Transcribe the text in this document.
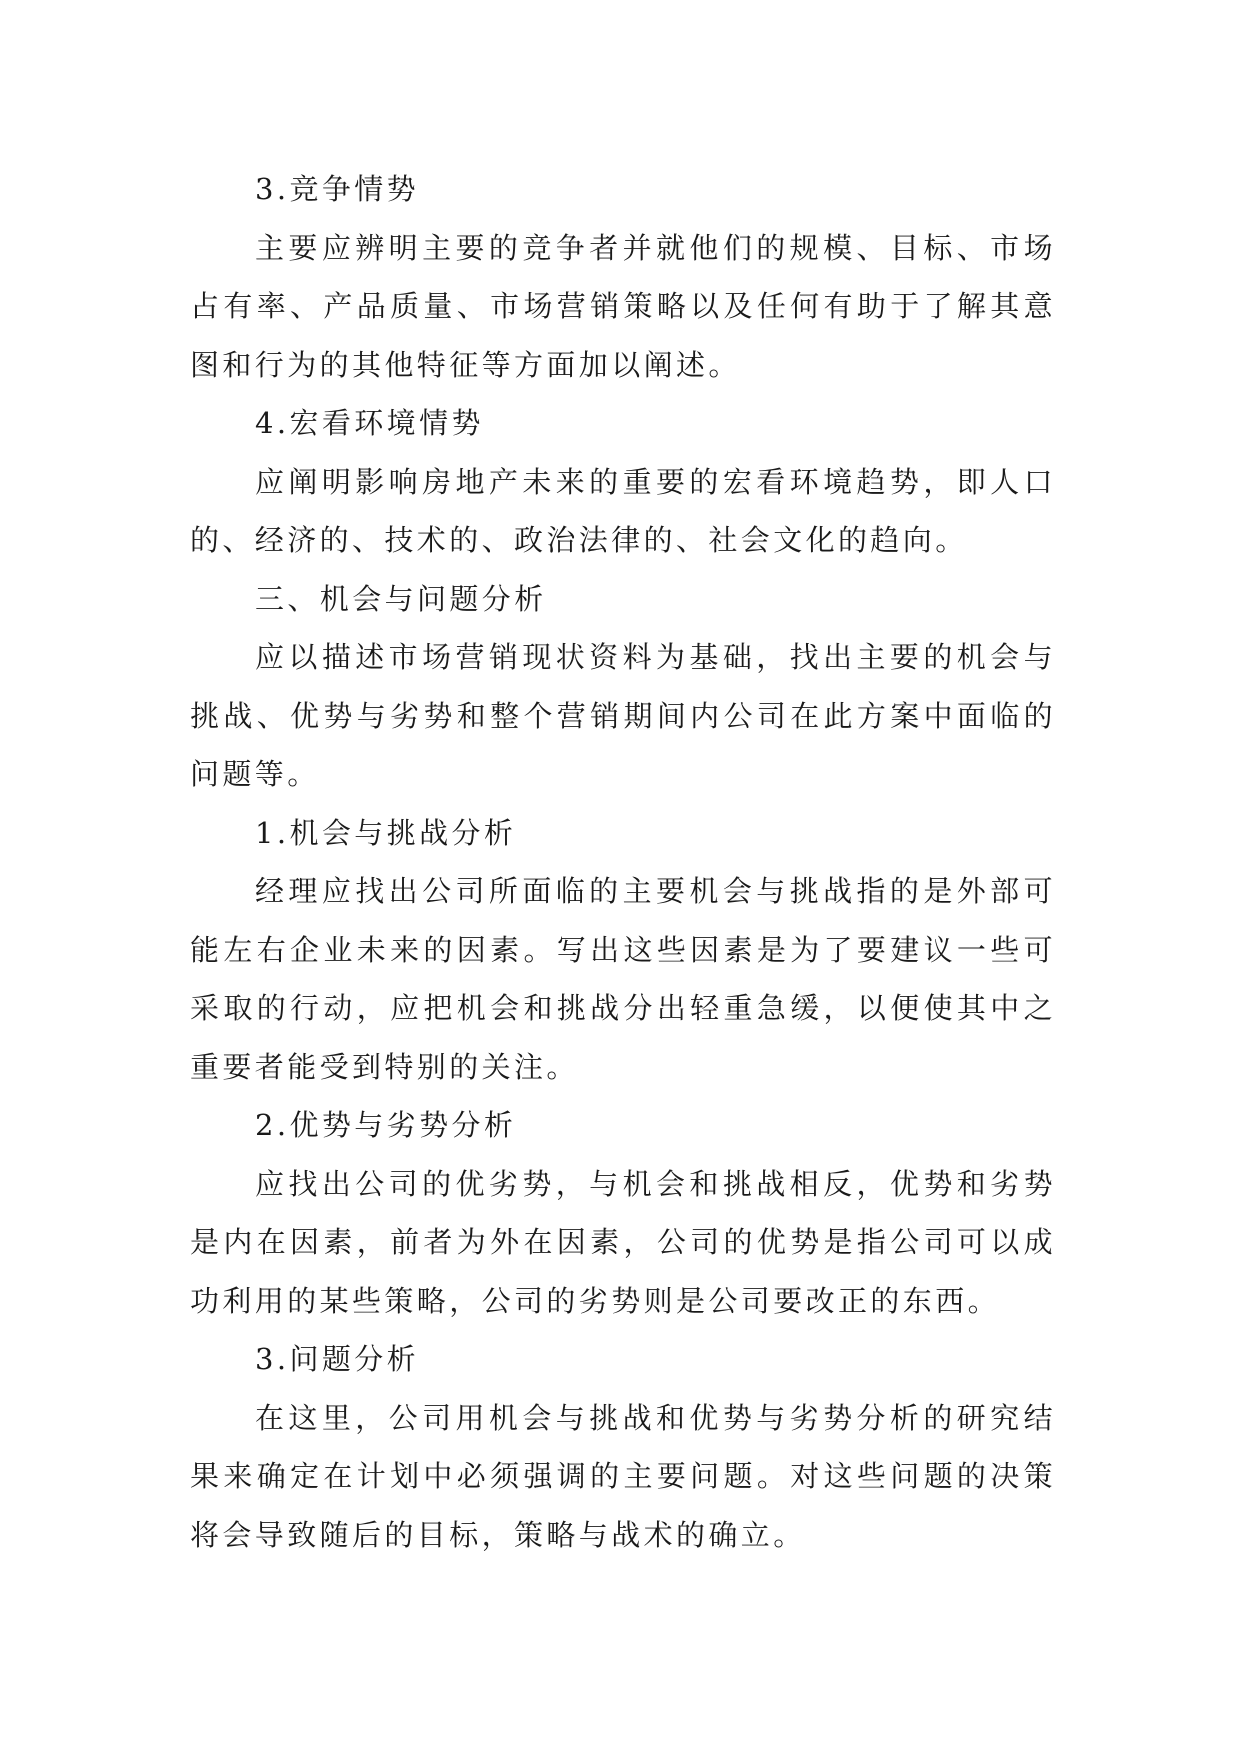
3.竞争情势

主要应辨明主要的竞争者并就他们的规模、目标、市场占有率、产品质量、市场营销策略以及任何有助于了解其意图和行为的其他特征等方面加以阐述。

4.宏看环境情势

应阐明影响房地产未来的重要的宏看环境趋势，即人口的、经济的、技术的、政治法律的、社会文化的趋向。

三、机会与问题分析

应以描述市场营销现状资料为基础，找出主要的机会与挑战、优势与劣势和整个营销期间内公司在此方案中面临的问题等。

1.机会与挑战分析

经理应找出公司所面临的主要机会与挑战指的是外部可能左右企业未来的因素。写出这些因素是为了要建议一些可采取的行动，应把机会和挑战分出轻重急缓，以便使其中之重要者能受到特别的关注。

2.优势与劣势分析

应找出公司的优劣势，与机会和挑战相反，优势和劣势是内在因素，前者为外在因素，公司的优势是指公司可以成功利用的某些策略，公司的劣势则是公司要改正的东西。

3.问题分析

在这里，公司用机会与挑战和优势与劣势分析的研究结果来确定在计划中必须强调的主要问题。对这些问题的决策将会导致随后的目标，策略与战术的确立。
